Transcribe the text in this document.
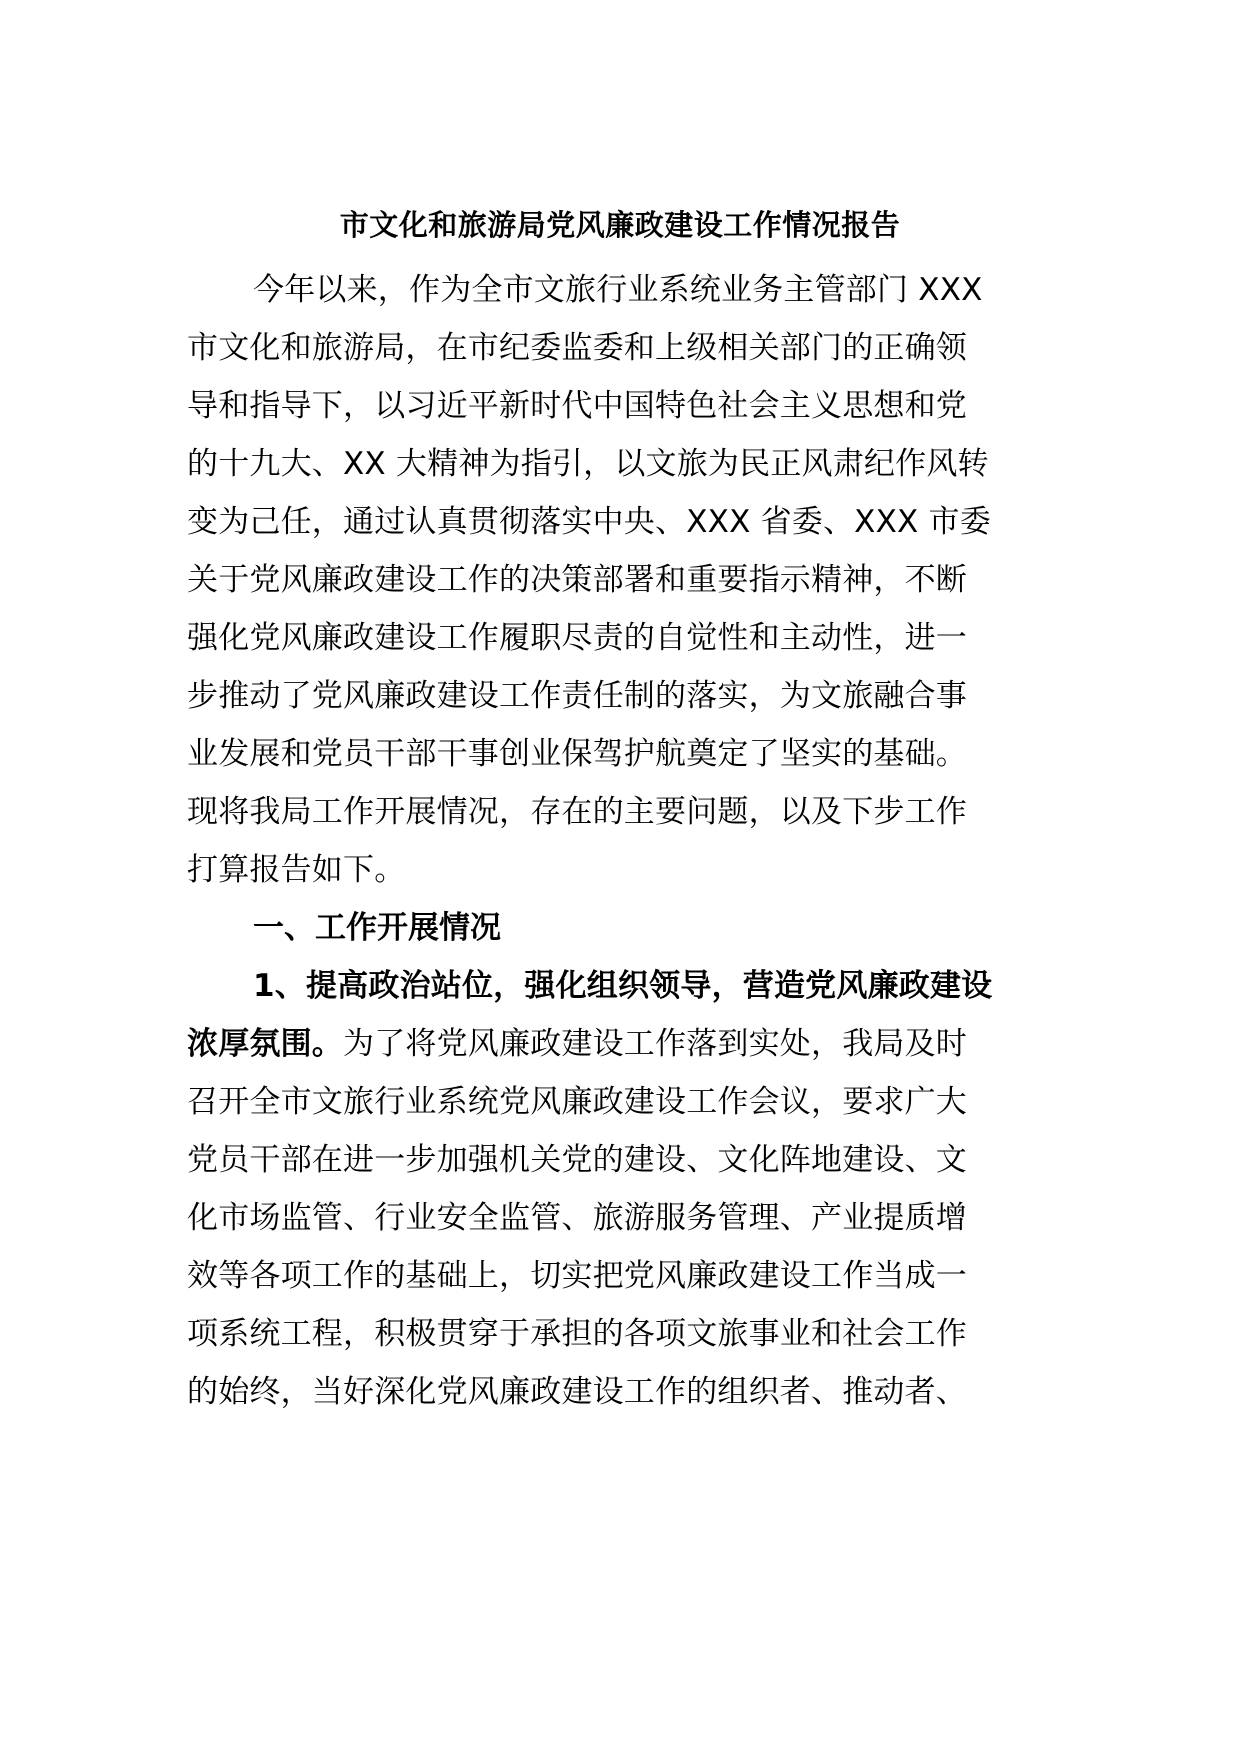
市文化和旅游局党风廉政建设工作情况报告
今年以来，作为全市文旅行业系统业务主管部门 XXX
市文化和旅游局，在市纪委监委和上级相关部门的正确领
导和指导下，以习近平新时代中国特色社会主义思想和党
的十九大、XX 大精神为指引，以文旅为民正风肃纪作风转
变为己任，通过认真贯彻落实中央、XXX 省委、XXX 市委
关于党风廉政建设工作的决策部署和重要指示精神，不断
强化党风廉政建设工作履职尽责的自觉性和主动性，进一
步推动了党风廉政建设工作责任制的落实，为文旅融合事
业发展和党员干部干事创业保驾护航奠定了坚实的基础。
现将我局工作开展情况，存在的主要问题，以及下步工作
打算报告如下。
一、工作开展情况
1、提高政治站位，强化组织领导，营造党风廉政建设
浓厚氛围。为了将党风廉政建设工作落到实处，我局及时
召开全市文旅行业系统党风廉政建设工作会议，要求广大
党员干部在进一步加强机关党的建设、文化阵地建设、文
化市场监管、行业安全监管、旅游服务管理、产业提质增
效等各项工作的基础上，切实把党风廉政建设工作当成一
项系统工程，积极贯穿于承担的各项文旅事业和社会工作
的始终，当好深化党风廉政建设工作的组织者、推动者、
